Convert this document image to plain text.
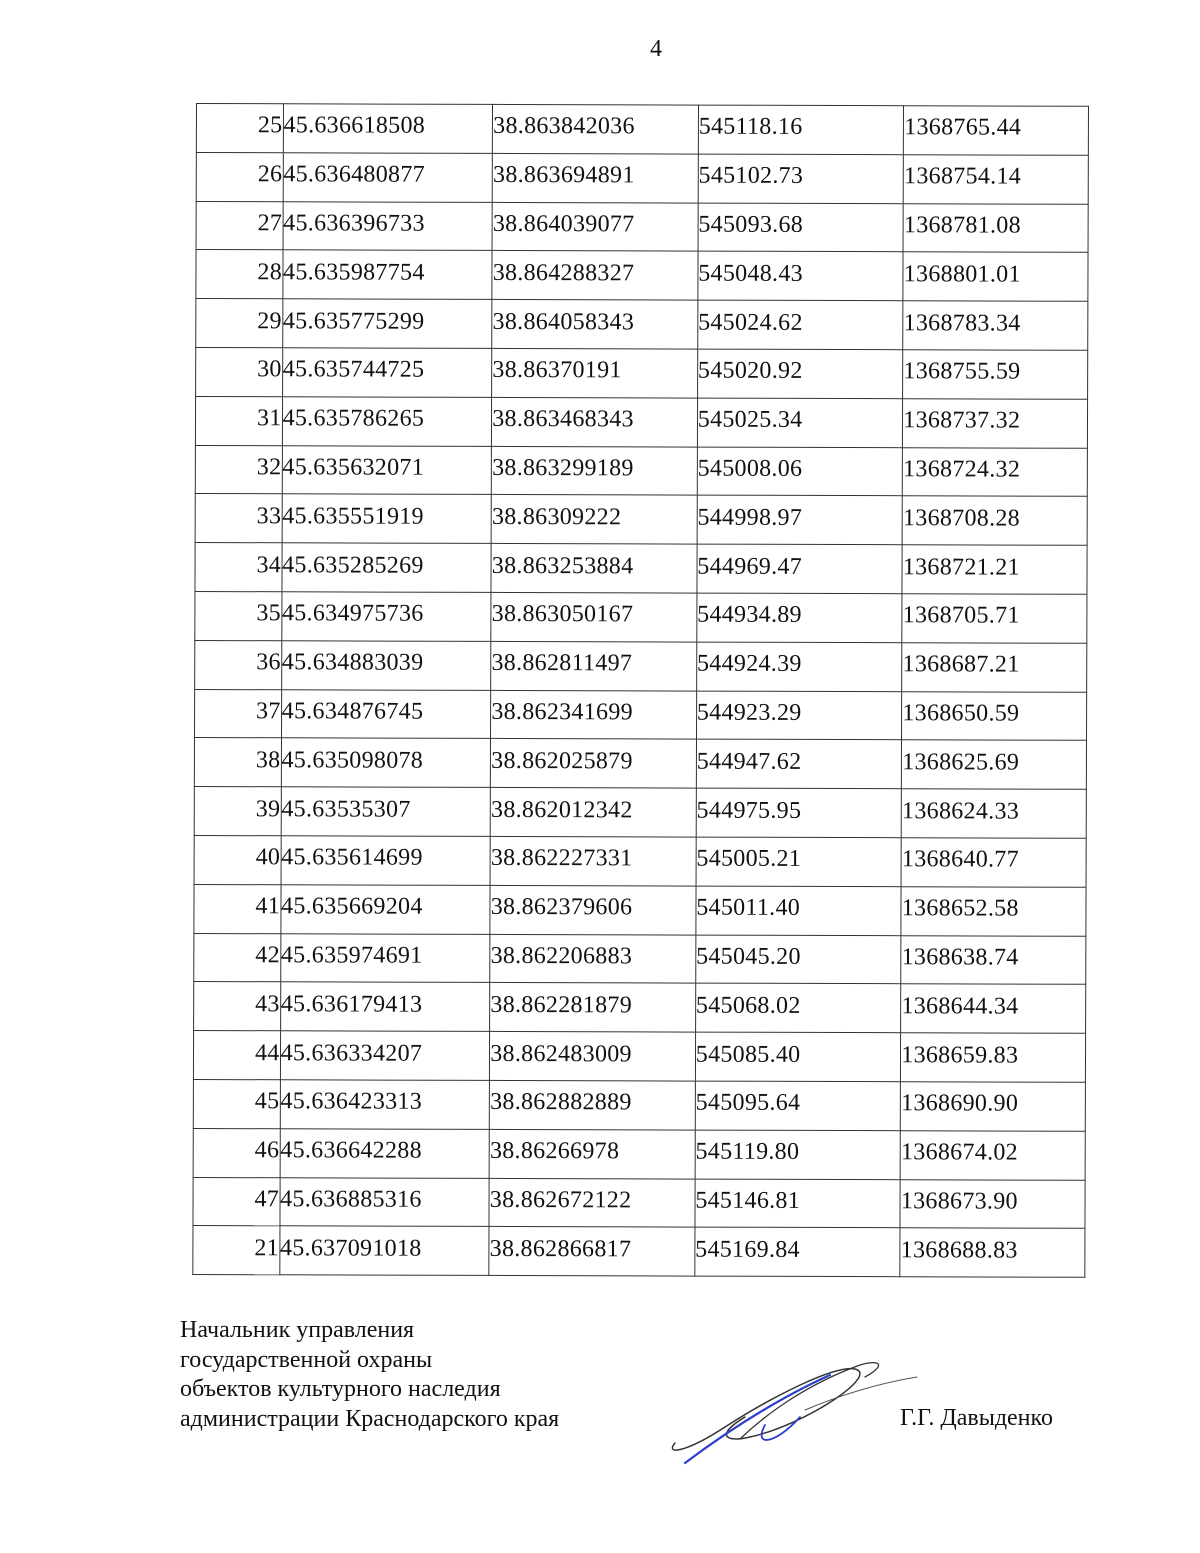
4
25	45.636618508	38.863842036	545118.16	1368765.44
26	45.636480877	38.863694891	545102.73	1368754.14
27	45.636396733	38.864039077	545093.68	1368781.08
28	45.635987754	38.864288327	545048.43	1368801.01
29	45.635775299	38.864058343	545024.62	1368783.34
30	45.635744725	38.86370191	545020.92	1368755.59
31	45.635786265	38.863468343	545025.34	1368737.32
32	45.635632071	38.863299189	545008.06	1368724.32
33	45.635551919	38.86309222	544998.97	1368708.28
34	45.635285269	38.863253884	544969.47	1368721.21
35	45.634975736	38.863050167	544934.89	1368705.71
36	45.634883039	38.862811497	544924.39	1368687.21
37	45.634876745	38.862341699	544923.29	1368650.59
38	45.635098078	38.862025879	544947.62	1368625.69
39	45.63535307	38.862012342	544975.95	1368624.33
40	45.635614699	38.862227331	545005.21	1368640.77
41	45.635669204	38.862379606	545011.40	1368652.58
42	45.635974691	38.862206883	545045.20	1368638.74
43	45.636179413	38.862281879	545068.02	1368644.34
44	45.636334207	38.862483009	545085.40	1368659.83
45	45.636423313	38.862882889	545095.64	1368690.90
46	45.636642288	38.86266978	545119.80	1368674.02
47	45.636885316	38.862672122	545146.81	1368673.90
21	45.637091018	38.862866817	545169.84	1368688.83
Начальник управления
государственной охраны
объектов культурного наследия
администрации Краснодарского края	Г.Г. Давыденко
